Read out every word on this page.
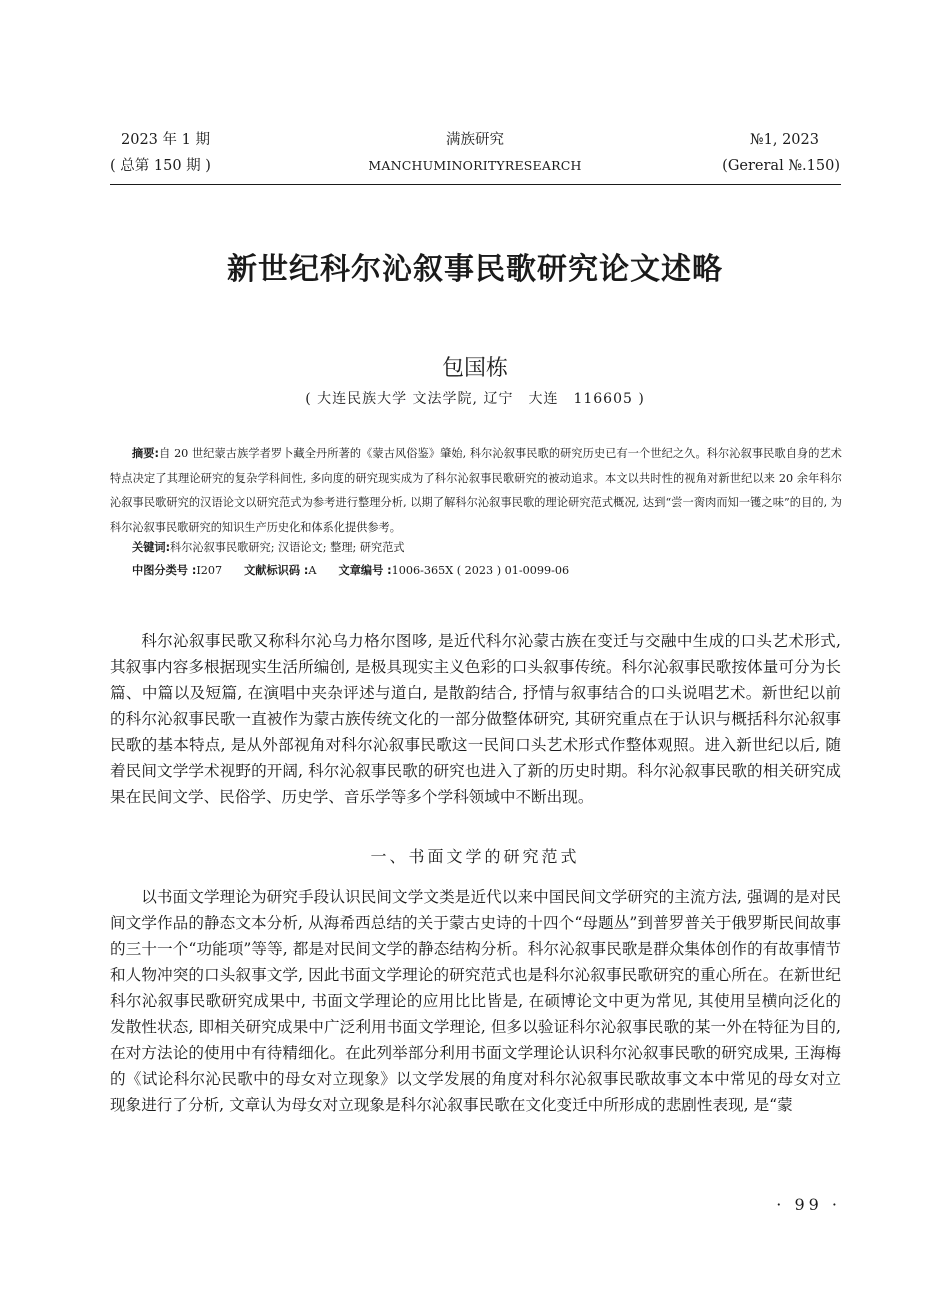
2023 年 1 期
( 总第 150 期 )
满族研究
MANCHUMINORITYRESEARCH
№1, 2023
(Gereral №.150)
新世纪科尔沁叙事民歌研究论文述略
包国栋
( 大连民族大学 文法学院, 辽宁　大连　116605 )

摘要:自 20 世纪蒙古族学者罗卜藏全丹所著的《蒙古风俗鉴》肇始, 科尔沁叙事民歌的研究历史已有一个世纪之久。科尔沁叙事民歌自身的艺术特点决定了其理论研究的复杂学科间性, 多向度的研究现实成为了科尔沁叙事民歌研究的被动追求。本文以共时性的视角对新世纪以来 20 余年科尔沁叙事民歌研究的汉语论文以研究范式为参考进行整理分析, 以期了解科尔沁叙事民歌的理论研究范式概况, 达到“尝一脔肉而知一镬之味”的目的, 为科尔沁叙事民歌研究的知识生产历史化和体系化提供参考。

关键词:科尔沁叙事民歌研究; 汉语论文; 整理; 研究范式

中图分类号 :I207 文献标识码 :A 文章编号 :1006-365X ( 2023 ) 01-0099-06

科尔沁叙事民歌又称科尔沁乌力格尔图哆, 是近代科尔沁蒙古族在变迁与交融中生成的口头艺术形式, 其叙事内容多根据现实生活所编创, 是极具现实主义色彩的口头叙事传统。科尔沁叙事民歌按体量可分为长篇、中篇以及短篇, 在演唱中夹杂评述与道白, 是散韵结合, 抒情与叙事结合的口头说唱艺术。新世纪以前的科尔沁叙事民歌一直被作为蒙古族传统文化的一部分做整体研究, 其研究重点在于认识与概括科尔沁叙事民歌的基本特点, 是从外部视角对科尔沁叙事民歌这一民间口头艺术形式作整体观照。进入新世纪以后, 随着民间文学学术视野的开阔, 科尔沁叙事民歌的研究也进入了新的历史时期。科尔沁叙事民歌的相关研究成果在民间文学、民俗学、历史学、音乐学等多个学科领域中不断出现。

一、书面文学的研究范式

以书面文学理论为研究手段认识民间文学文类是近代以来中国民间文学研究的主流方法, 强调的是对民间文学作品的静态文本分析, 从海希西总结的关于蒙古史诗的十四个“母题丛”到普罗普关于俄罗斯民间故事的三十一个“功能项”等等, 都是对民间文学的静态结构分析。科尔沁叙事民歌是群众集体创作的有故事情节和人物冲突的口头叙事文学, 因此书面文学理论的研究范式也是科尔沁叙事民歌研究的重心所在。在新世纪科尔沁叙事民歌研究成果中, 书面文学理论的应用比比皆是, 在硕博论文中更为常见, 其使用呈横向泛化的发散性状态, 即相关研究成果中广泛利用书面文学理论, 但多以验证科尔沁叙事民歌的某一外在特征为目的, 在对方法论的使用中有待精细化。在此列举部分利用书面文学理论认识科尔沁叙事民歌的研究成果, 王海梅的《试论科尔沁民歌中的母女对立现象》以文学发展的角度对科尔沁叙事民歌故事文本中常见的母女对立现象进行了分析, 文章认为母女对立现象是科尔沁叙事民歌在文化变迁中所形成的悲剧性表现, 是“蒙

· 99 ·
